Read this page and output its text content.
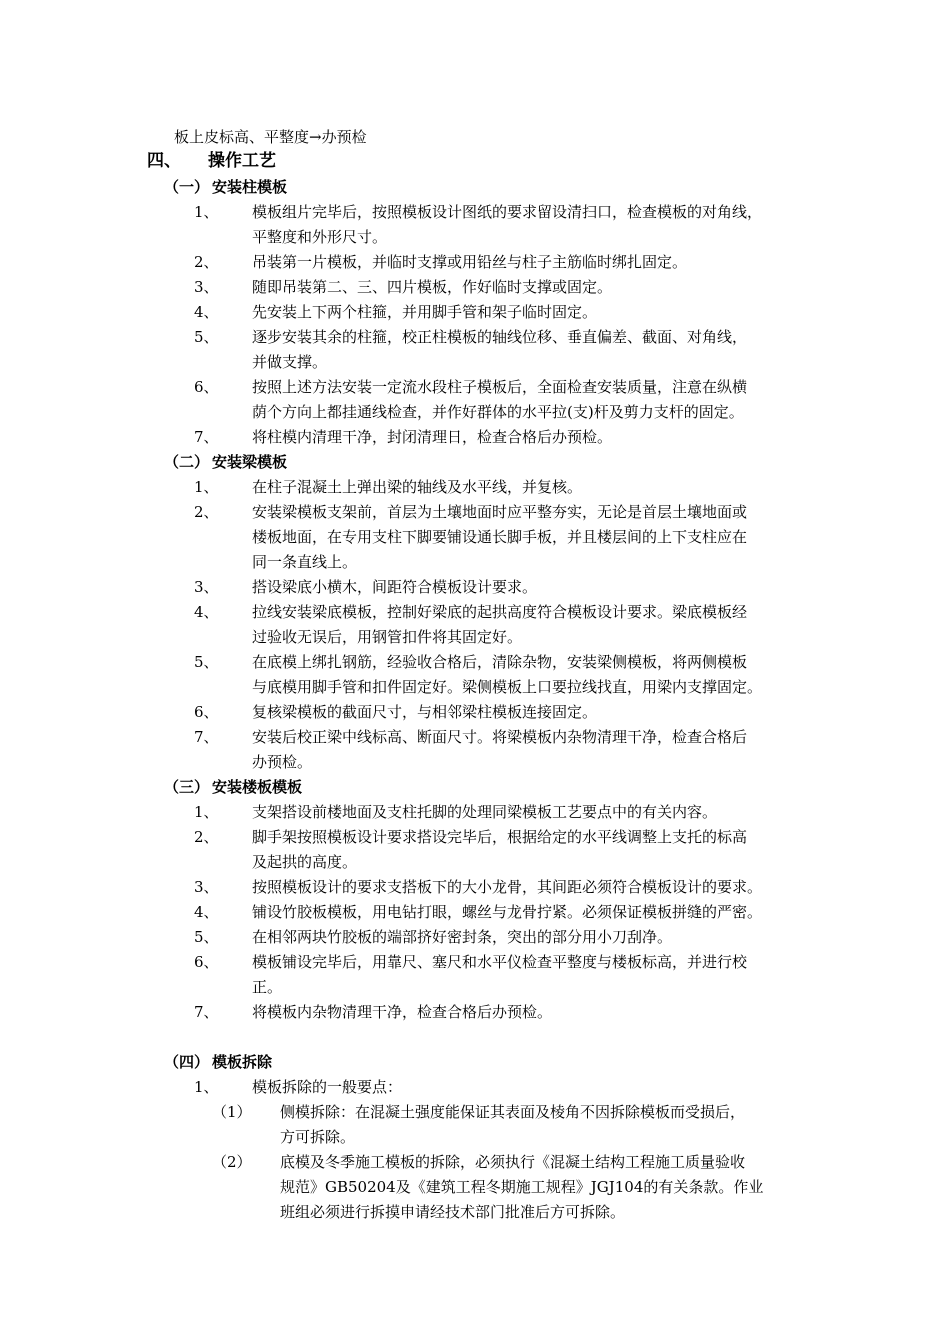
板上皮标高、平整度→办预检
四、 操作工艺
（一） 安装柱模板
1、 模板组片完毕后，按照模板设计图纸的要求留设清扫口，检查模板的对角线，
平整度和外形尺寸。
2、 吊装第一片模板，并临时支撑或用铅丝与柱子主筋临时绑扎固定。
3、 随即吊装第二、三、四片模板，作好临时支撑或固定。
4、 先安装上下两个柱箍，并用脚手管和架子临时固定。
5、 逐步安装其余的柱箍，校正柱模板的轴线位移、垂直偏差、截面、对角线，
并做支撑。
6、 按照上述方法安装一定流水段柱子模板后，全面检查安装质量，注意在纵横
荫个方向上都挂通线检查，并作好群体的水平拉(支)杆及剪力支杆的固定。
7、 将柱模内清理干净，封闭清理日，检查合格后办预检。
（二） 安装梁模板
1、 在柱子混凝土上弹出梁的轴线及水平线，并复核。
2、 安装梁模板支架前，首层为土壤地面时应平整夯实，无论是首层土壤地面或
楼板地面，在专用支柱下脚要铺设通长脚手板，并且楼层间的上下支柱应在
同一条直线上。
3、 搭设梁底小横木，间距符合模板设计要求。
4、 拉线安装梁底模板，控制好梁底的起拱高度符合模板设计要求。梁底模板经
过验收无误后，用钢管扣件将其固定好。
5、 在底模上绑扎钢筋，经验收合格后，清除杂物，安装梁侧模板，将两侧模板
与底模用脚手管和扣件固定好。梁侧模板上口要拉线找直，用梁内支撑固定。
6、 复核梁模板的截面尺寸，与相邻梁柱模板连接固定。
7、 安装后校正梁中线标高、断面尺寸。将梁模板内杂物清理干净，检查合格后
办预检。
（三） 安装楼板模板
1、 支架搭设前楼地面及支柱托脚的处理同梁模板工艺要点中的有关内容。
2、 脚手架按照模板设计要求搭设完毕后，根据给定的水平线调整上支托的标高
及起拱的高度。
3、 按照模板设计的要求支搭板下的大小龙骨，其间距必须符合模板设计的要求。
4、 铺设竹胶板模板，用电钻打眼，螺丝与龙骨拧紧。必须保证模板拼缝的严密。
5、 在相邻两块竹胶板的端部挤好密封条，突出的部分用小刀刮净。
6、 模板铺设完毕后，用靠尺、塞尺和水平仪检查平整度与楼板标高，并进行校
正。
7、 将模板内杂物清理干净，检查合格后办预检。
（四） 模板拆除
1、 模板拆除的一般要点：
（1） 侧模拆除：在混凝土强度能保证其表面及棱角不因拆除模板而受损后，
方可拆除。
（2） 底模及冬季施工模板的拆除，必须执行《混凝土结构工程施工质量验收
规范》GB50204及《建筑工程冬期施工规程》JGJ104的有关条款。作业
班组必须进行拆摸申请经技术部门批准后方可拆除。
